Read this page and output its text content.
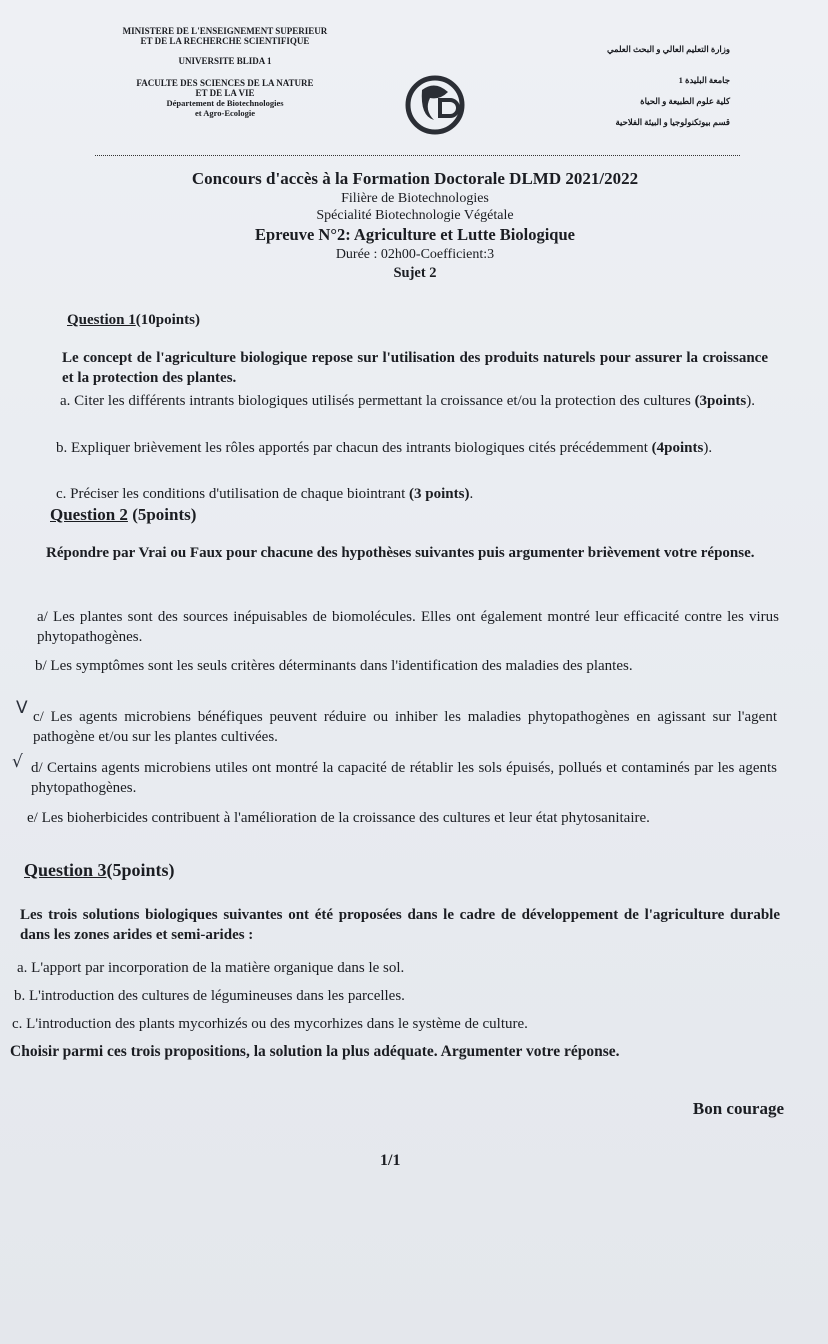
MINISTERE DE L'ENSEIGNEMENT SUPERIEUR
ET DE LA RECHERCHE SCIENTIFIQUE
UNIVERSITE BLIDA 1
FACULTE DES SCIENCES DE LA NATURE
ET DE LA VIE
Département de Biotechnologies
et Agro-Ecologie
وزارة التعليم العالي و البحث العلمي
جامعة البليدة 1
كلية علوم الطبيعة و الحياة
قسم بيوتكنولوجيا و البيئة الفلاحية
Concours d'accès à la Formation Doctorale DLMD 2021/2022
Filière de Biotechnologies
Spécialité Biotechnologie Végétale
Epreuve N°2: Agriculture et Lutte Biologique
Durée : 02h00-Coefficient:3
Sujet 2
Question 1(10points)
Le concept de l'agriculture biologique repose sur l'utilisation des produits naturels pour assurer la croissance et la protection des plantes.
a. Citer les différents intrants biologiques utilisés permettant la croissance et/ou la protection des cultures (3points).
b. Expliquer brièvement les rôles apportés par chacun des intrants biologiques cités précédemment (4points).
c. Préciser les conditions d'utilisation de chaque biointrant (3 points).
Question 2 (5points)
Répondre par Vrai ou Faux pour chacune des hypothèses suivantes puis argumenter brièvement votre réponse.
a/ Les plantes sont des sources inépuisables de biomolécules. Elles ont également montré leur efficacité contre les virus phytopathogènes.
b/ Les symptômes sont les seuls critères déterminants dans l'identification des maladies des plantes.
V c/ Les agents microbiens bénéfiques peuvent réduire ou inhiber les maladies phytopathogènes en agissant sur l'agent pathogène et/ou sur les plantes cultivées.
√ d/ Certains agents microbiens utiles ont montré la capacité de rétablir les sols épuisés, pollués et contaminés par les agents phytopathogènes.
e/ Les bioherbicides contribuent à l'amélioration de la croissance des cultures et leur état phytosanitaire.
Question 3(5points)
Les trois solutions biologiques suivantes ont été proposées dans le cadre de développement de l'agriculture durable dans les zones arides et semi-arides :
a. L'apport par incorporation de la matière organique dans le sol.
b. L'introduction des cultures de légumineuses dans les parcelles.
c. L'introduction des plants mycorhizés ou des mycorhizes dans le système de culture.
Choisir parmi ces trois propositions, la solution la plus adéquate. Argumenter votre réponse.
Bon courage
1/1
